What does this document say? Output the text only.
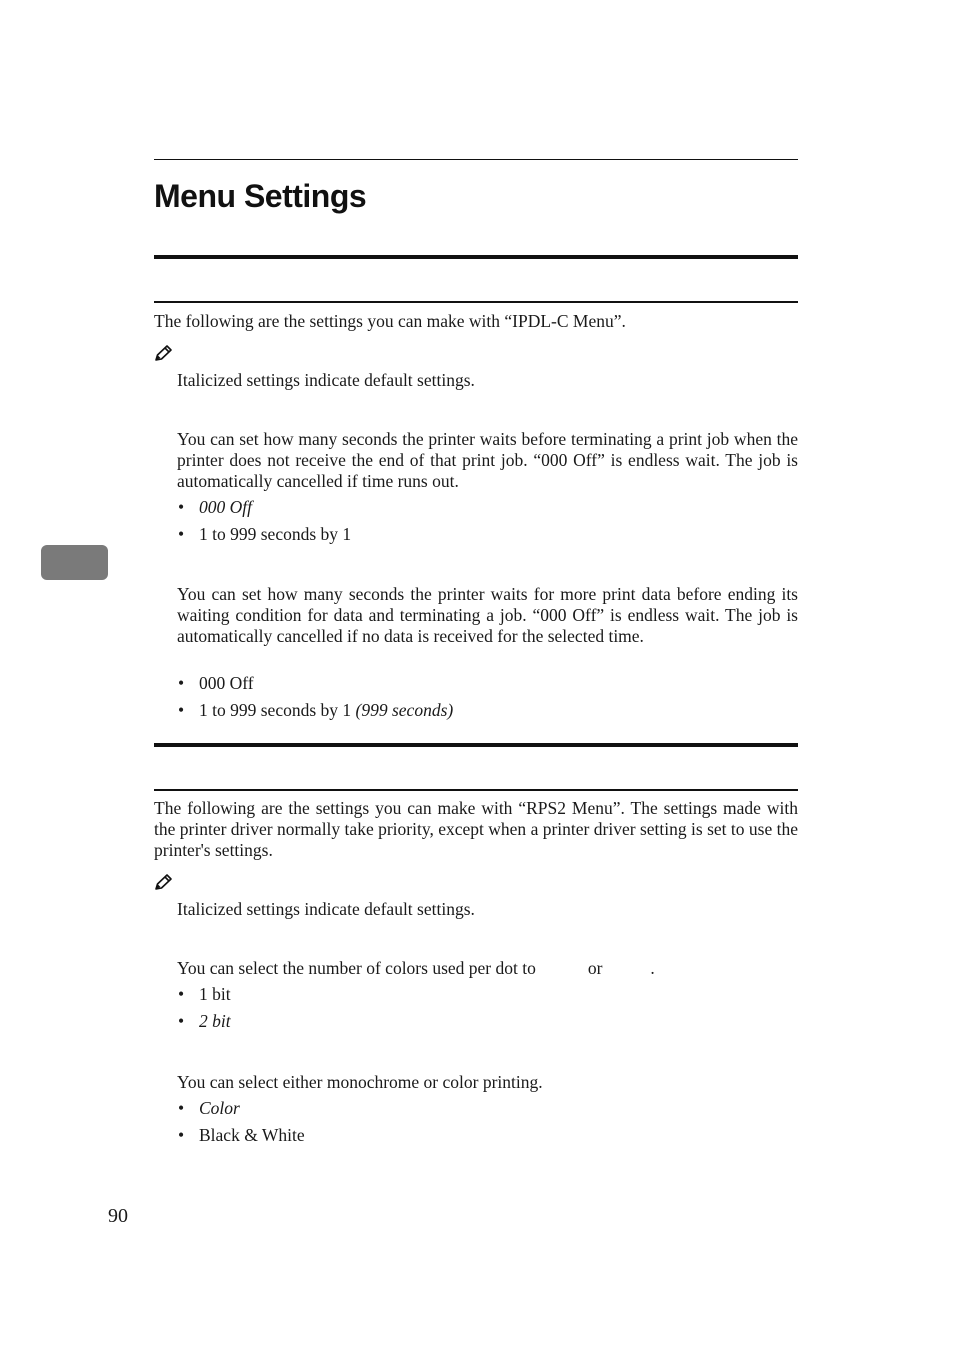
Menu Settings

The following are the settings you can make with “IPDL-C Menu”.

Italicized settings indicate default settings.

You can set how many seconds the printer waits before terminating a print job when the printer does not receive the end of that print job. “000 Off” is endless wait. The job is automatically cancelled if time runs out.

• 000 Off
• 1 to 999 seconds by 1

You can set how many seconds the printer waits for more print data before ending its waiting condition for data and terminating a job. “000 Off” is endless wait. The job is automatically cancelled if no data is received for the selected time.

• 000 Off
• 1 to 999 seconds by 1 (999 seconds)

The following are the settings you can make with “RPS2 Menu”. The settings made with the printer driver normally take priority, except when a printer driver setting is set to use the printer's settings.

Italicized settings indicate default settings.

You can select the number of colors used per dot to	or	.

• 1 bit
• 2 bit

You can select either monochrome or color printing.

• Color
• Black & White
90
